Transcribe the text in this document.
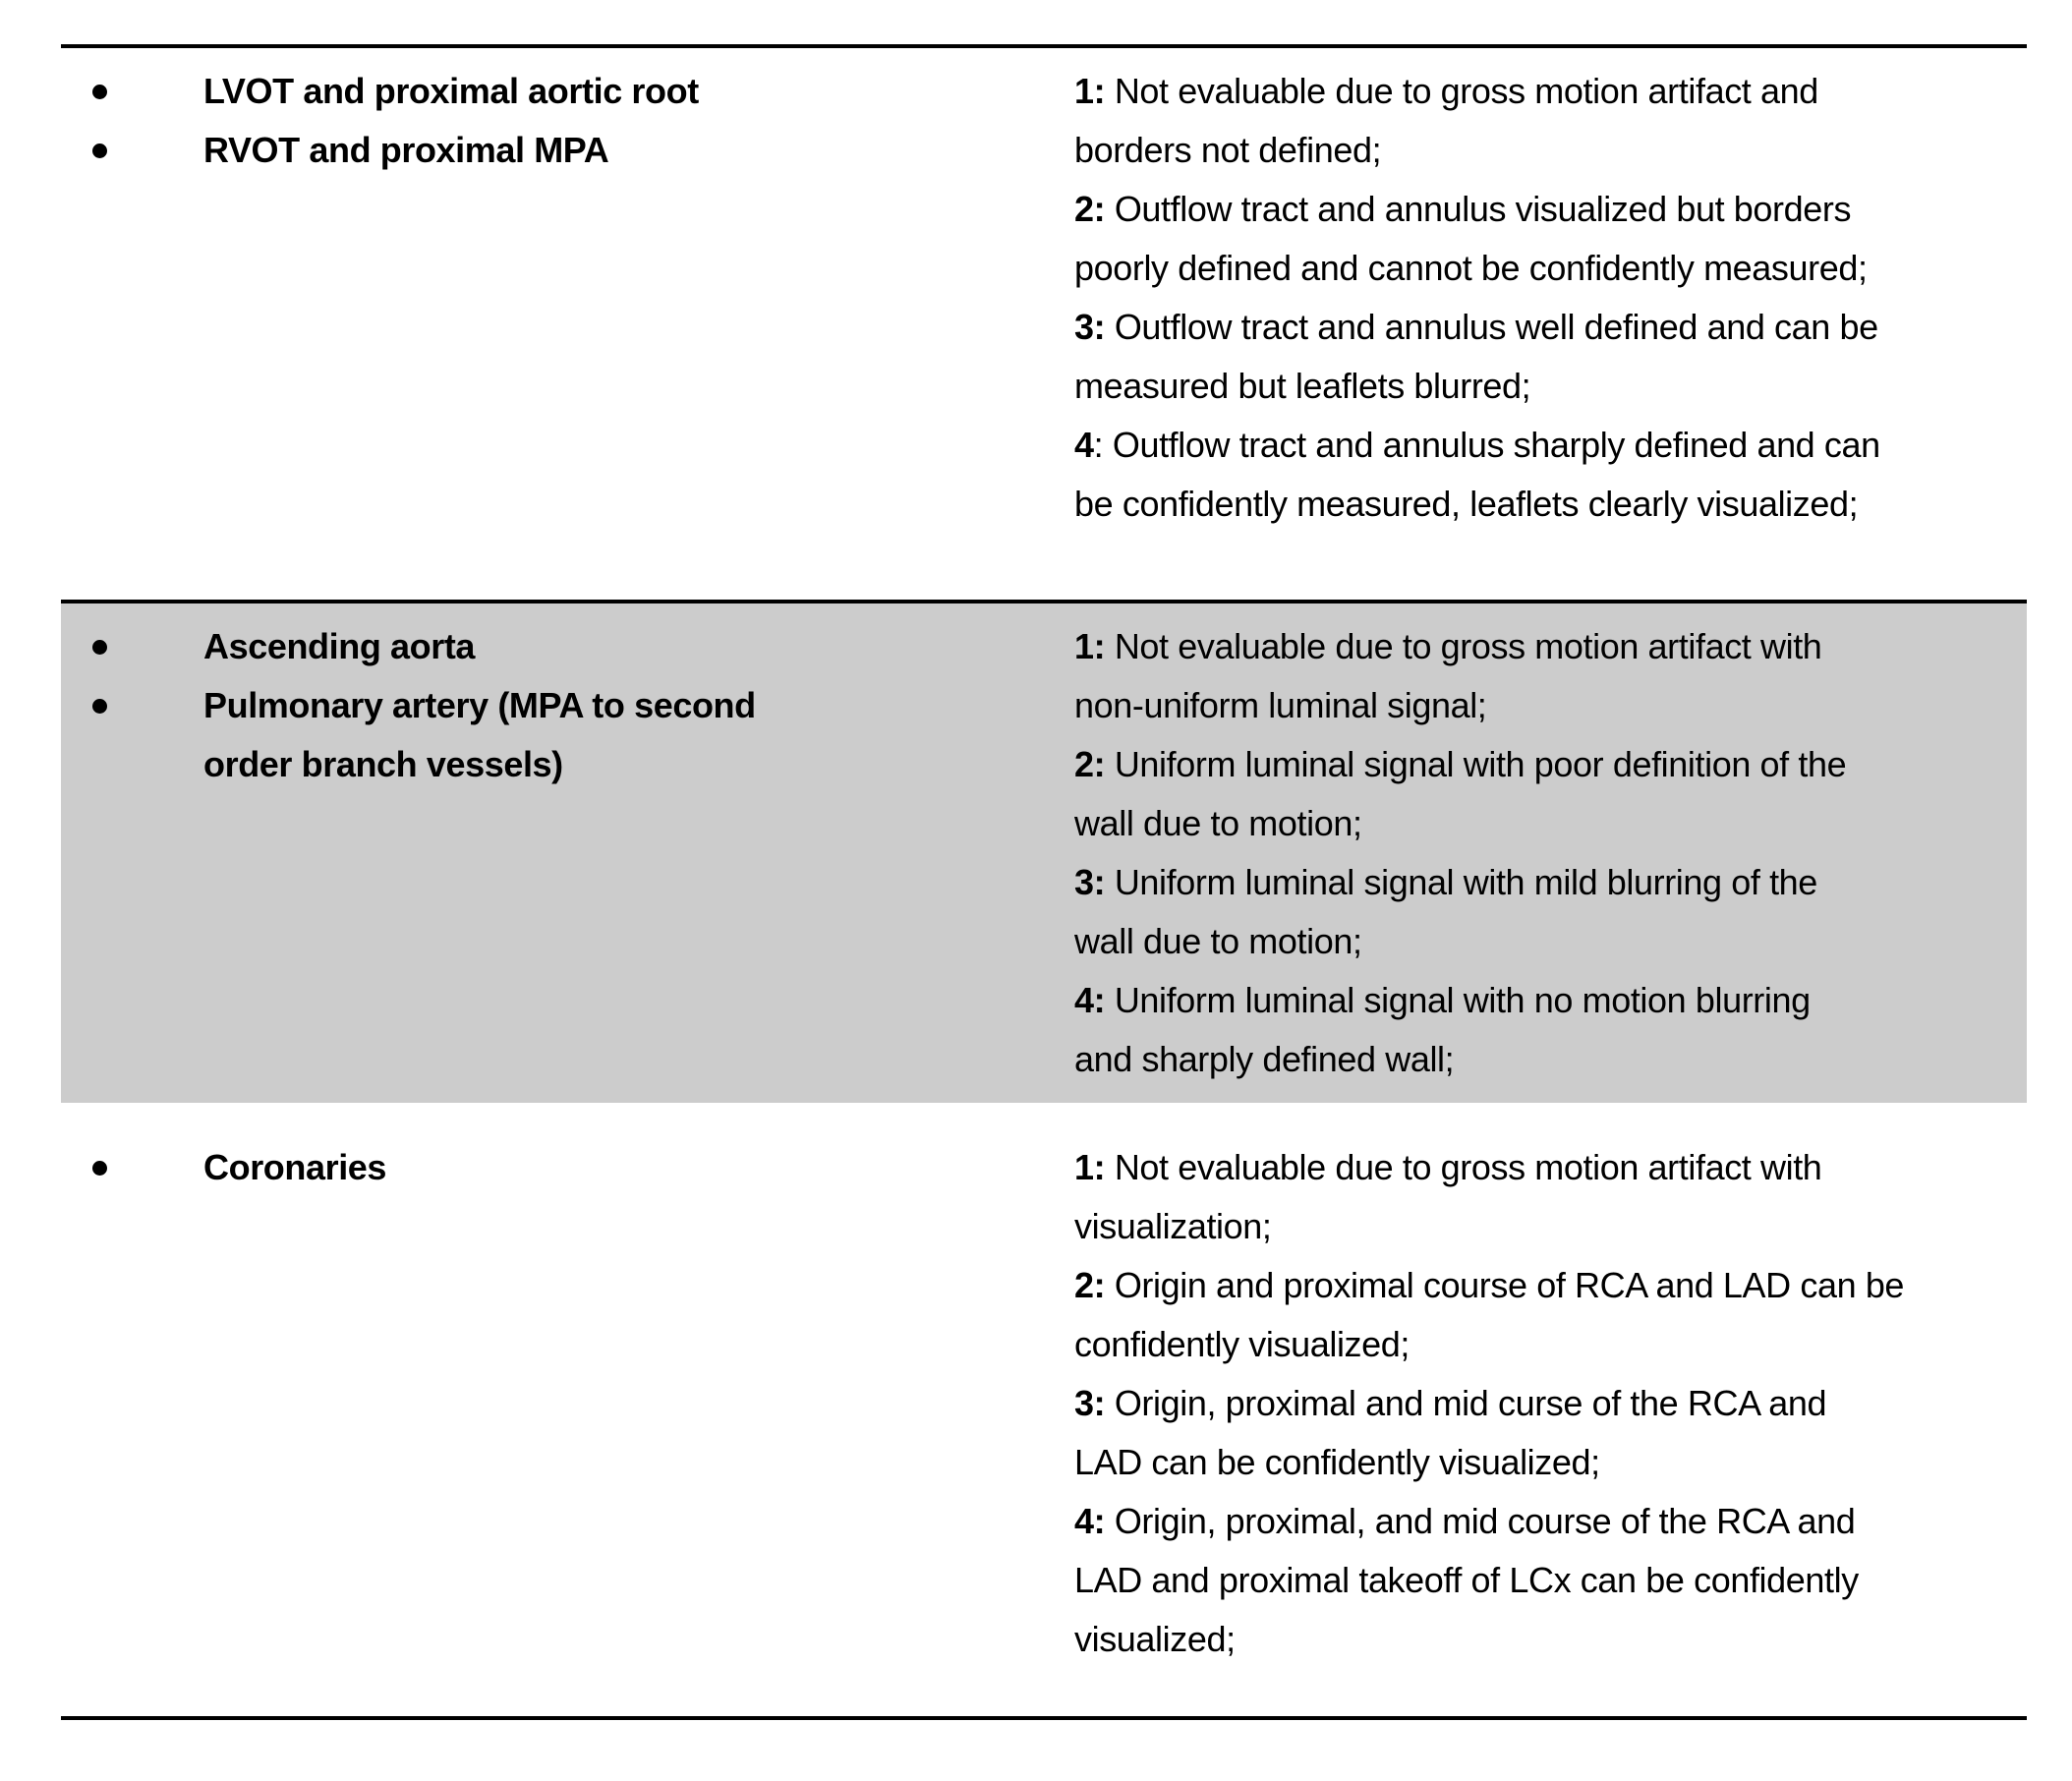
LVOT and proximal aortic root
RVOT and proximal MPA
1: Not evaluable due to gross motion artifact and
borders not defined;
2: Outflow tract and annulus visualized but borders
poorly defined and cannot be confidently measured;
3: Outflow tract and annulus well defined and can be
measured but leaflets blurred;
4: Outflow tract and annulus sharply defined and can
be confidently measured, leaflets clearly visualized;
Ascending aorta
Pulmonary artery (MPA to second
order branch vessels)
1: Not evaluable due to gross motion artifact with
non-uniform luminal signal;
2: Uniform luminal signal with poor definition of the
wall due to motion;
3: Uniform luminal signal with mild blurring of the
wall due to motion;
4: Uniform luminal signal with no motion blurring
and sharply defined wall;
Coronaries	1: Not evaluable due to gross motion artifact with
visualization;
2: Origin and proximal course of RCA and LAD can be
confidently visualized;
3: Origin, proximal and mid curse of the RCA and
LAD can be confidently visualized;
4: Origin, proximal, and mid course of the RCA and
LAD and proximal takeoff of LCx can be confidently
visualized;
